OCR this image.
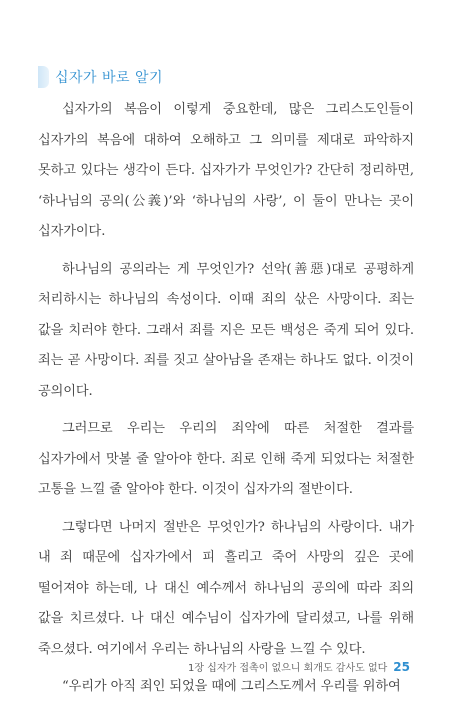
십자가 바로 알기

십자가의 복음이 이렇게 중요한데, 많은 그리스도인들이 십자가의 복음에 대하여 오해하고 그 의미를 제대로 파악하지 못하고 있다는 생각이 든다. 십자가가 무엇인가? 간단히 정리하면, ‘하나님의 공의(公義)’와 ‘하나님의 사랑’, 이 둘이 만나는 곳이 십자가이다.

하나님의 공의라는 게 무엇인가? 선악(善惡)대로 공평하게 처리하시는 하나님의 속성이다. 이때 죄의 삯은 사망이다. 죄는 값을 치러야 한다. 그래서 죄를 지은 모든 백성은 죽게 되어 있다. 죄는 곧 사망이다. 죄를 짓고 살아남을 존재는 하나도 없다. 이것이 공의이다.

그러므로 우리는 우리의 죄악에 따른 처절한 결과를 십자가에서 맛볼 줄 알아야 한다. 죄로 인해 죽게 되었다는 처절한 고통을 느낄 줄 알아야 한다. 이것이 십자가의 절반이다.

그렇다면 나머지 절반은 무엇인가? 하나님의 사랑이다. 내가 내 죄 때문에 십자가에서 피 흘리고 죽어 사망의 깊은 곳에 떨어져야 하는데, 나 대신 예수께서 하나님의 공의에 따라 죄의 값을 치르셨다. 나 대신 예수님이 십자가에 달리셨고, 나를 위해 죽으셨다. 여기에서 우리는 하나님의 사랑을 느낄 수 있다.

“우리가 아직 죄인 되었을 때에 그리스도께서 우리를 위하여

1장 십자가 접촉이 없으니 회개도 감사도 없다 25
